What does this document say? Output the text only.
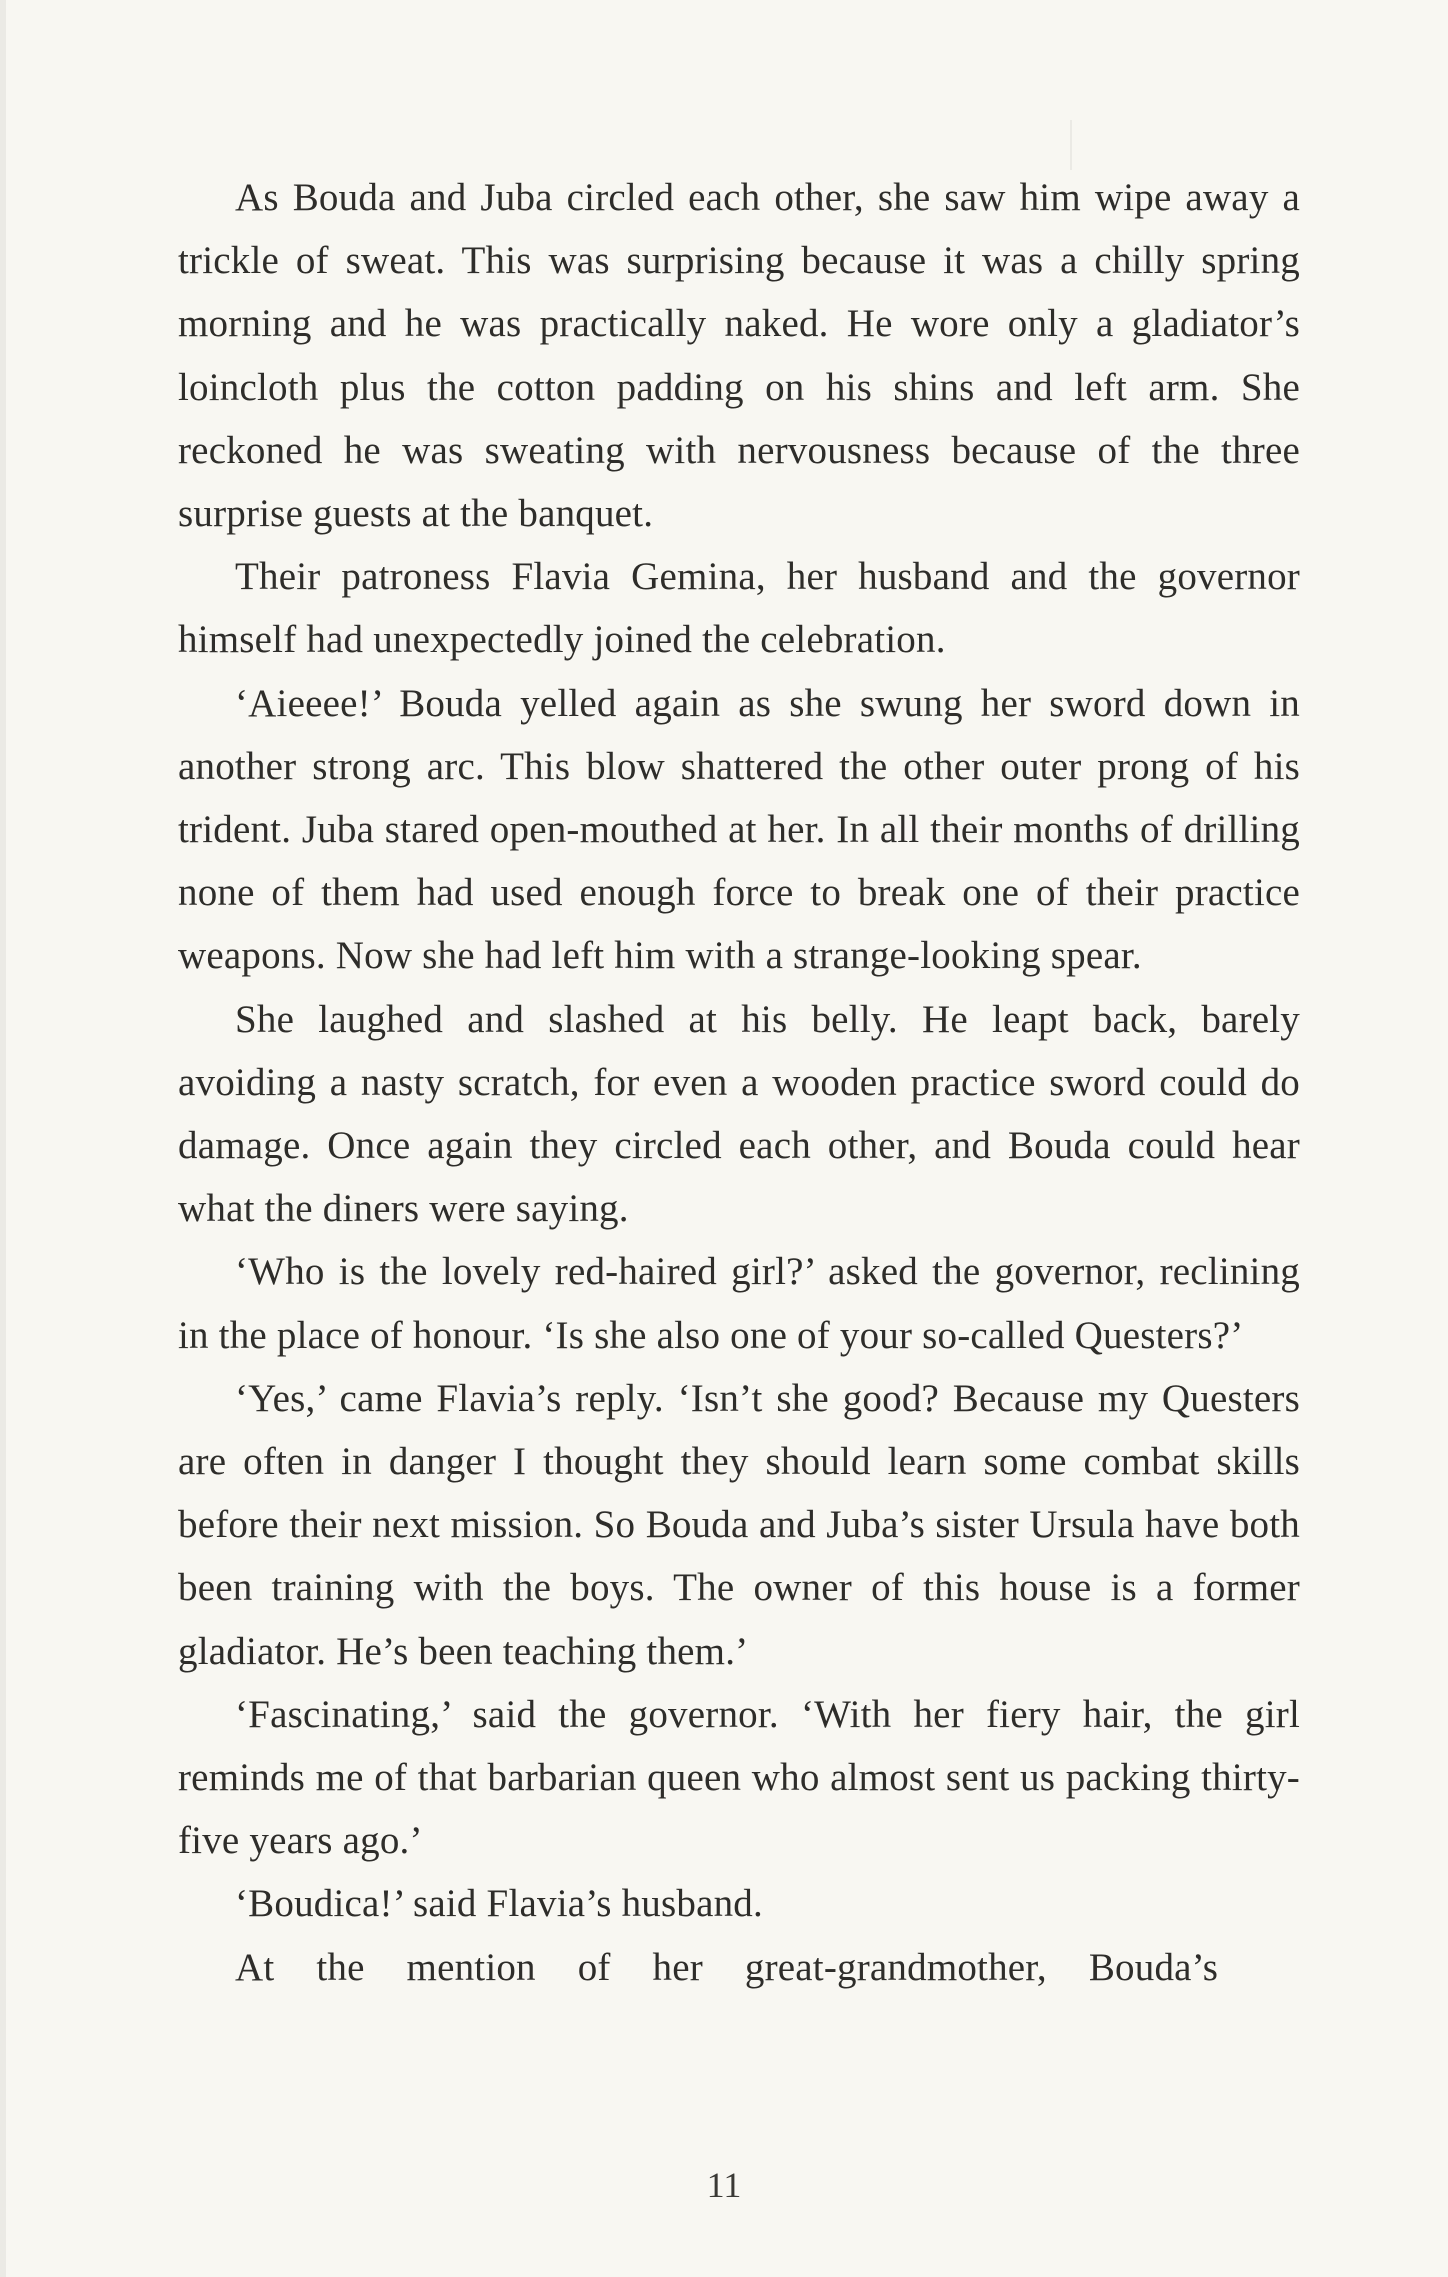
As Bouda and Juba circled each other, she saw him wipe away a trickle of sweat. This was surprising because it was a chilly spring morning and he was practically naked. He wore only a gladiator’s loincloth plus the cotton padding on his shins and left arm. She reckoned he was sweating with nervousness because of the three surprise guests at the banquet.

Their patroness Flavia Gemina, her husband and the governor himself had unexpectedly joined the celebration.

‘Aieeee!’ Bouda yelled again as she swung her sword down in another strong arc. This blow shattered the other outer prong of his trident. Juba stared open-mouthed at her. In all their months of drilling none of them had used enough force to break one of their practice weapons. Now she had left him with a strange-looking spear.

She laughed and slashed at his belly. He leapt back, barely avoiding a nasty scratch, for even a wooden practice sword could do damage. Once again they circled each other, and Bouda could hear what the diners were saying.

‘Who is the lovely red-haired girl?’ asked the governor, reclining in the place of honour. ‘Is she also one of your so-called Questers?’

‘Yes,’ came Flavia’s reply. ‘Isn’t she good? Because my Questers are often in danger I thought they should learn some combat skills before their next mission. So Bouda and Juba’s sister Ursula have both been training with the boys. The owner of this house is a former gladiator. He’s been teaching them.’

‘Fascinating,’ said the governor. ‘With her fiery hair, the girl reminds me of that barbarian queen who almost sent us packing thirty-five years ago.’

‘Boudica!’ said Flavia’s husband.

At the mention of her great-grandmother, Bouda’s

11
